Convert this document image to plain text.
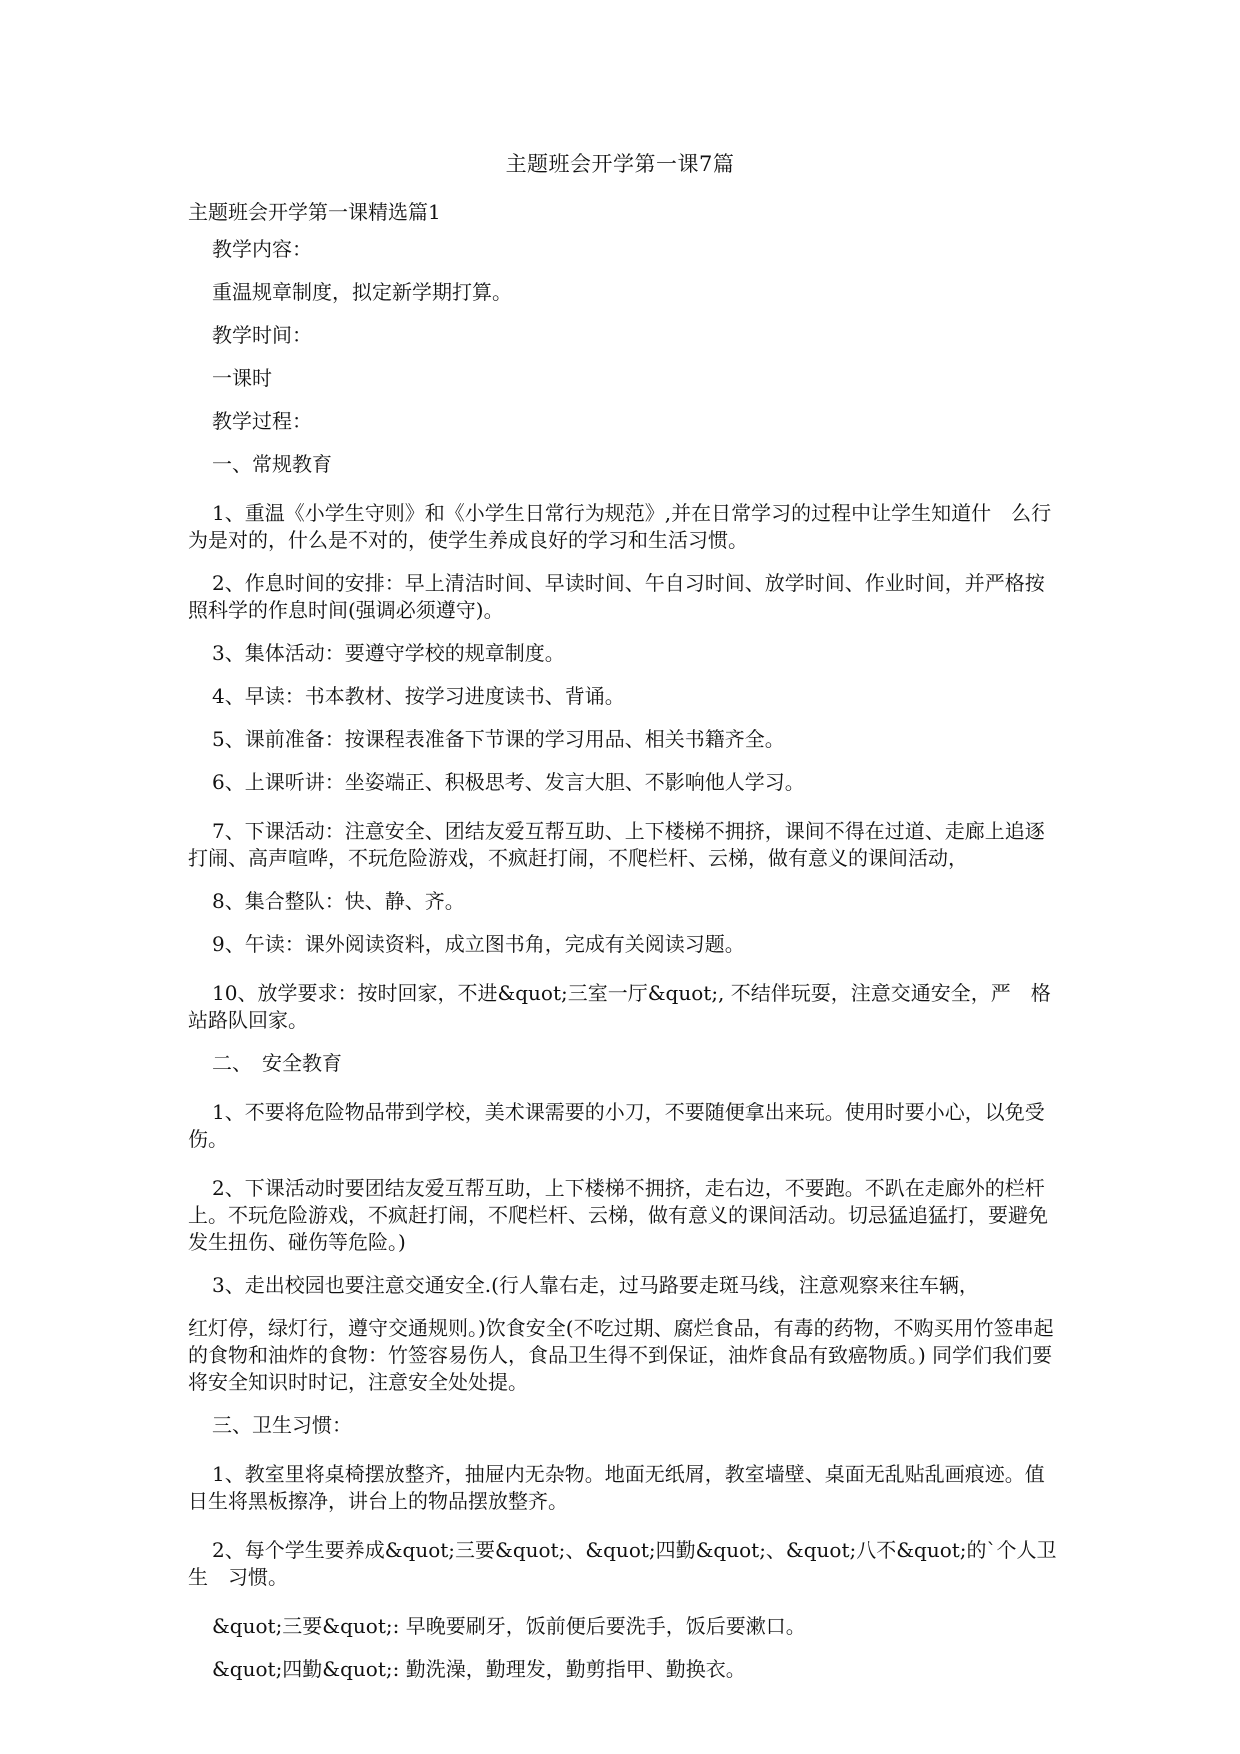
主题班会开学第一课7篇
主题班会开学第一课精选篇1

教学内容：

重温规章制度，拟定新学期打算。

教学时间：

一课时

教学过程：

一、常规教育

1、重温《小学生守则》和《小学生日常行为规范》,并在日常学习的过程中让学生知道什　么行为是对的，什么是不对的，使学生养成良好的学习和生活习惯。

2、作息时间的安排：早上清洁时间、早读时间、午自习时间、放学时间、作业时间，并严格按照科学的作息时间(强调必须遵守)。

3、集体活动：要遵守学校的规章制度。

4、早读：书本教材、按学习进度读书、背诵。

5、课前准备：按课程表准备下节课的学习用品、相关书籍齐全。

6、上课听讲：坐姿端正、积极思考、发言大胆、不影响他人学习。

7、下课活动：注意安全、团结友爱互帮互助、上下楼梯不拥挤，课间不得在过道、走廊上追逐打闹、高声喧哗，不玩危险游戏，不疯赶打闹，不爬栏杆、云梯，做有意义的课间活动，

8、集合整队：快、静、齐。

9、午读：课外阅读资料，成立图书角，完成有关阅读习题。

10、放学要求：按时回家，不进&quot;三室一厅&quot;, 不结伴玩耍，注意交通安全，严　格站路队回家。

二、　安全教育

1、不要将危险物品带到学校，美术课需要的小刀，不要随便拿出来玩。使用时要小心，以免受伤。

2、下课活动时要团结友爱互帮互助，上下楼梯不拥挤，走右边，不要跑。不趴在走廊外的栏杆上。不玩危险游戏，不疯赶打闹，不爬栏杆、云梯，做有意义的课间活动。切忌猛追猛打，要避免发生扭伤、碰伤等危险。)

3、走出校园也要注意交通安全.(行人靠右走，过马路要走斑马线，注意观察来往车辆，

红灯停，绿灯行，遵守交通规则。)饮食安全(不吃过期、腐烂食品，有毒的药物，不购买用竹签串起的食物和油炸的食物：竹签容易伤人，食品卫生得不到保证，油炸食品有致癌物质。) 同学们我们要将安全知识时时记，注意安全处处提。

三、卫生习惯：

1、教室里将桌椅摆放整齐，抽屉内无杂物。地面无纸屑，教室墙壁、桌面无乱贴乱画痕迹。值日生将黑板擦净，讲台上的物品摆放整齐。

2、每个学生要养成&quot;三要&quot;、&quot;四勤&quot;、&quot;八不&quot;的`个人卫生　习惯。

&quot;三要&quot;: 早晚要刷牙，饭前便后要洗手，饭后要漱口。

&quot;四勤&quot;: 勤洗澡，勤理发，勤剪指甲、勤换衣。
